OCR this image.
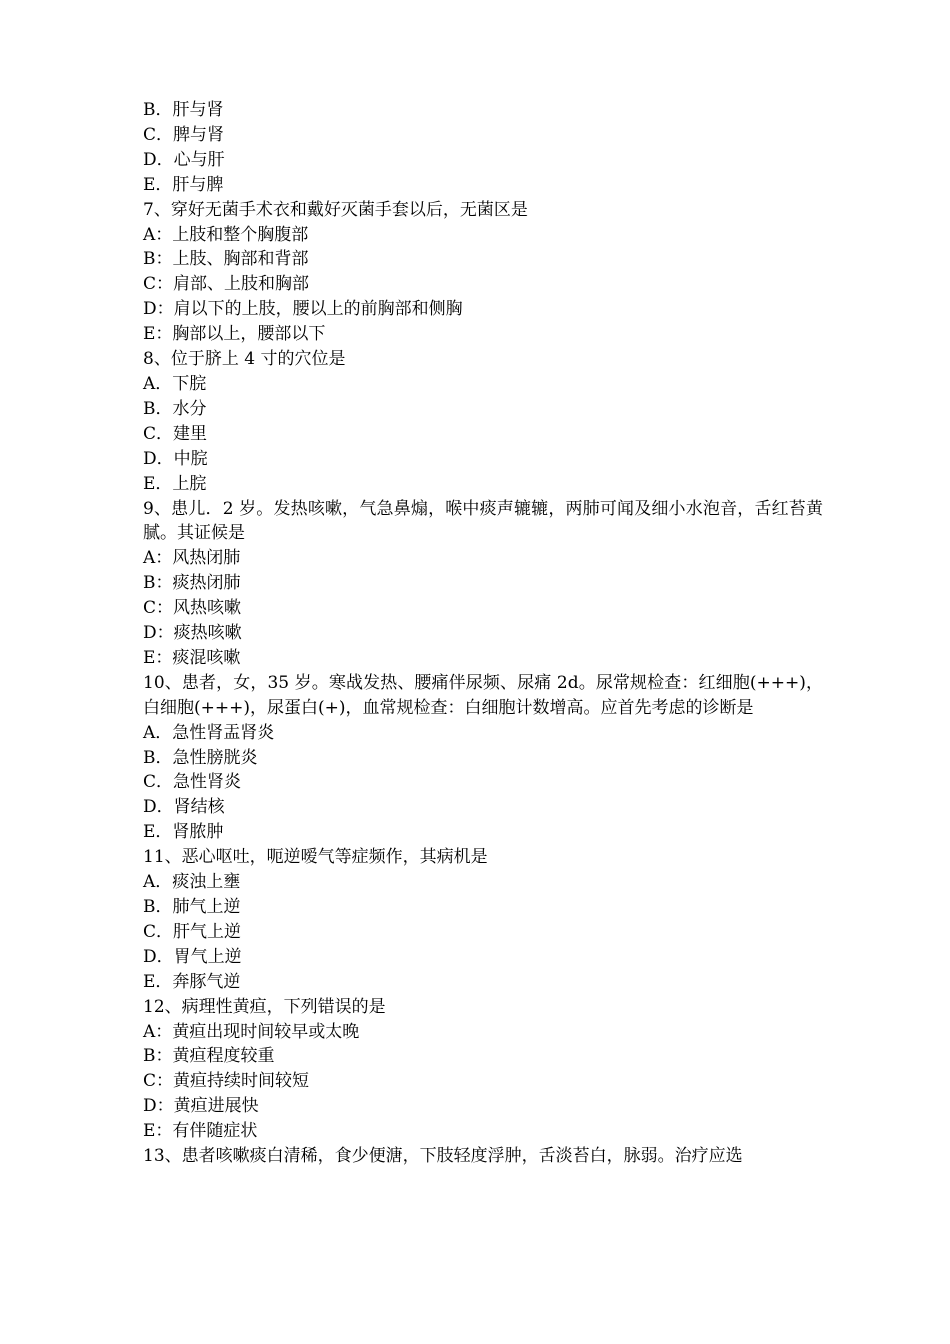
B．肝与肾
C．脾与肾
D．心与肝
E．肝与脾
7、穿好无菌手术衣和戴好灭菌手套以后，无菌区是
A：上肢和整个胸腹部
B：上肢、胸部和背部
C：肩部、上肢和胸部
D：肩以下的上肢，腰以上的前胸部和侧胸
E：胸部以上，腰部以下
8、位于脐上 4 寸的穴位是
A．下脘
B．水分
C．建里
D．中脘
E．上脘
9、患儿．2 岁。发热咳嗽，气急鼻煽，喉中痰声辘辘，两肺可闻及细小水泡音，舌红苔黄腻。其证候是
A：风热闭肺
B：痰热闭肺
C：风热咳嗽
D：痰热咳嗽
E：痰混咳嗽
10、患者，女，35 岁。寒战发热、腰痛伴尿频、尿痛 2d。尿常规检查：红细胞(+++)，白细胞(+++)，尿蛋白(+)，血常规检查：白细胞计数增高。应首先考虑的诊断是
A．急性肾盂肾炎
B．急性膀胱炎
C．急性肾炎
D．肾结核
E．肾脓肿
11、恶心呕吐，呃逆嗳气等症频作，其病机是
A．痰浊上壅
B．肺气上逆
C．肝气上逆
D．胃气上逆
E．奔豚气逆
12、病理性黄疸，下列错误的是
A：黄疸出现时间较早或太晚
B：黄疸程度较重
C：黄疸持续时间较短
D：黄疸进展快
E：有伴随症状
13、患者咳嗽痰白清稀，食少便溏，下肢轻度浮肿，舌淡苔白，脉弱。治疗应选
